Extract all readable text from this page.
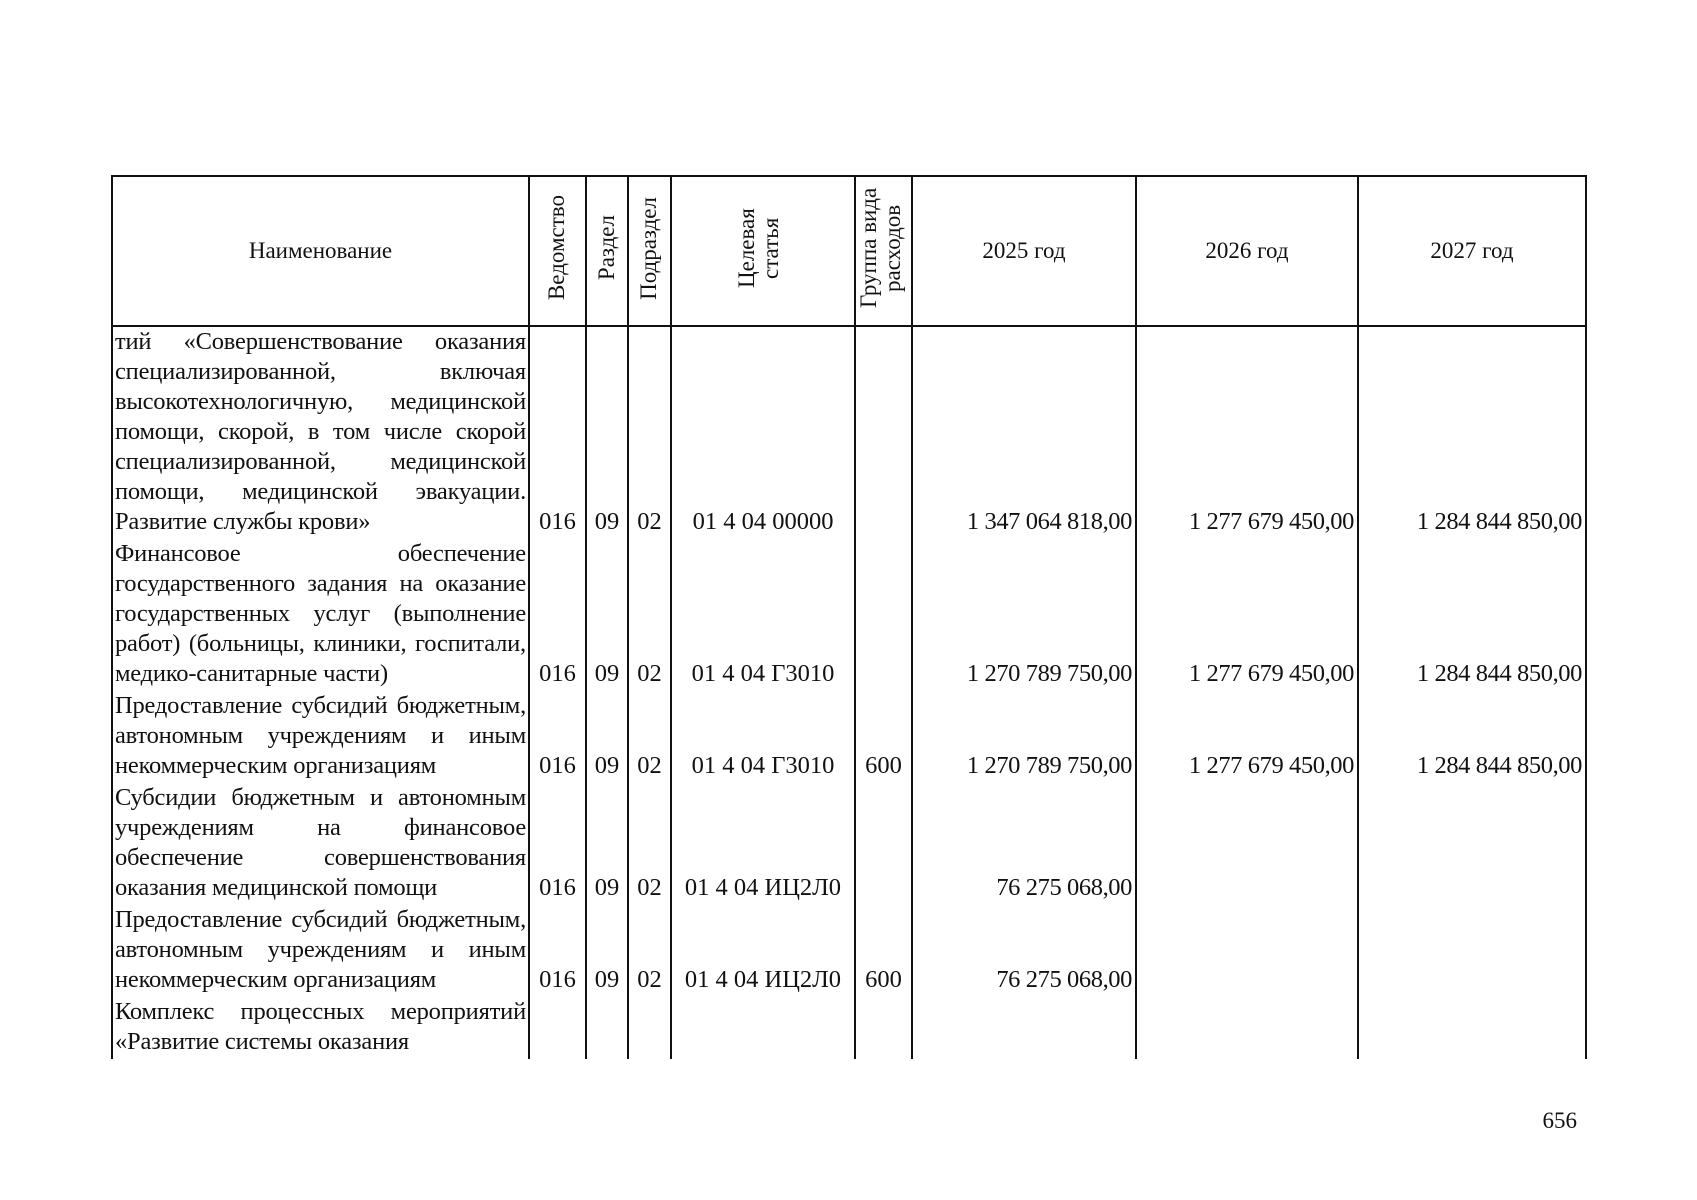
Наименование	Ведомство	Раздел	Подраздел	Целевая статья	Группа вида расходов	2025 год	2026 год	2027 год
тий «Совершенствование оказания специализированной, включая высокотехнологичную, медицинской помощи, скорой, в том числе скорой специализированной, медицинской помощи, медицинской эвакуации. Развитие службы крови»	016	09	02	01 4 04 00000		1 347 064 818,00	1 277 679 450,00	1 284 844 850,00
Финансовое обеспечение государственного задания на оказание государственных услуг (выполнение работ) (больницы, клиники, госпитали, медико-санитарные части)	016	09	02	01 4 04 Г3010		1 270 789 750,00	1 277 679 450,00	1 284 844 850,00
Предоставление субсидий бюджетным, автономным учреждениям и иным некоммерческим организациям	016	09	02	01 4 04 Г3010	600	1 270 789 750,00	1 277 679 450,00	1 284 844 850,00
Субсидии бюджетным и автономным учреждениям на финансовое обеспечение совершенствования оказания медицинской помощи	016	09	02	01 4 04 ИЦ2Л0		76 275 068,00		
Предоставление субсидий бюджетным, автономным учреждениям и иным некоммерческим организациям	016	09	02	01 4 04 ИЦ2Л0	600	76 275 068,00		
Комплекс процессных мероприятий «Развитие системы оказания								
656
